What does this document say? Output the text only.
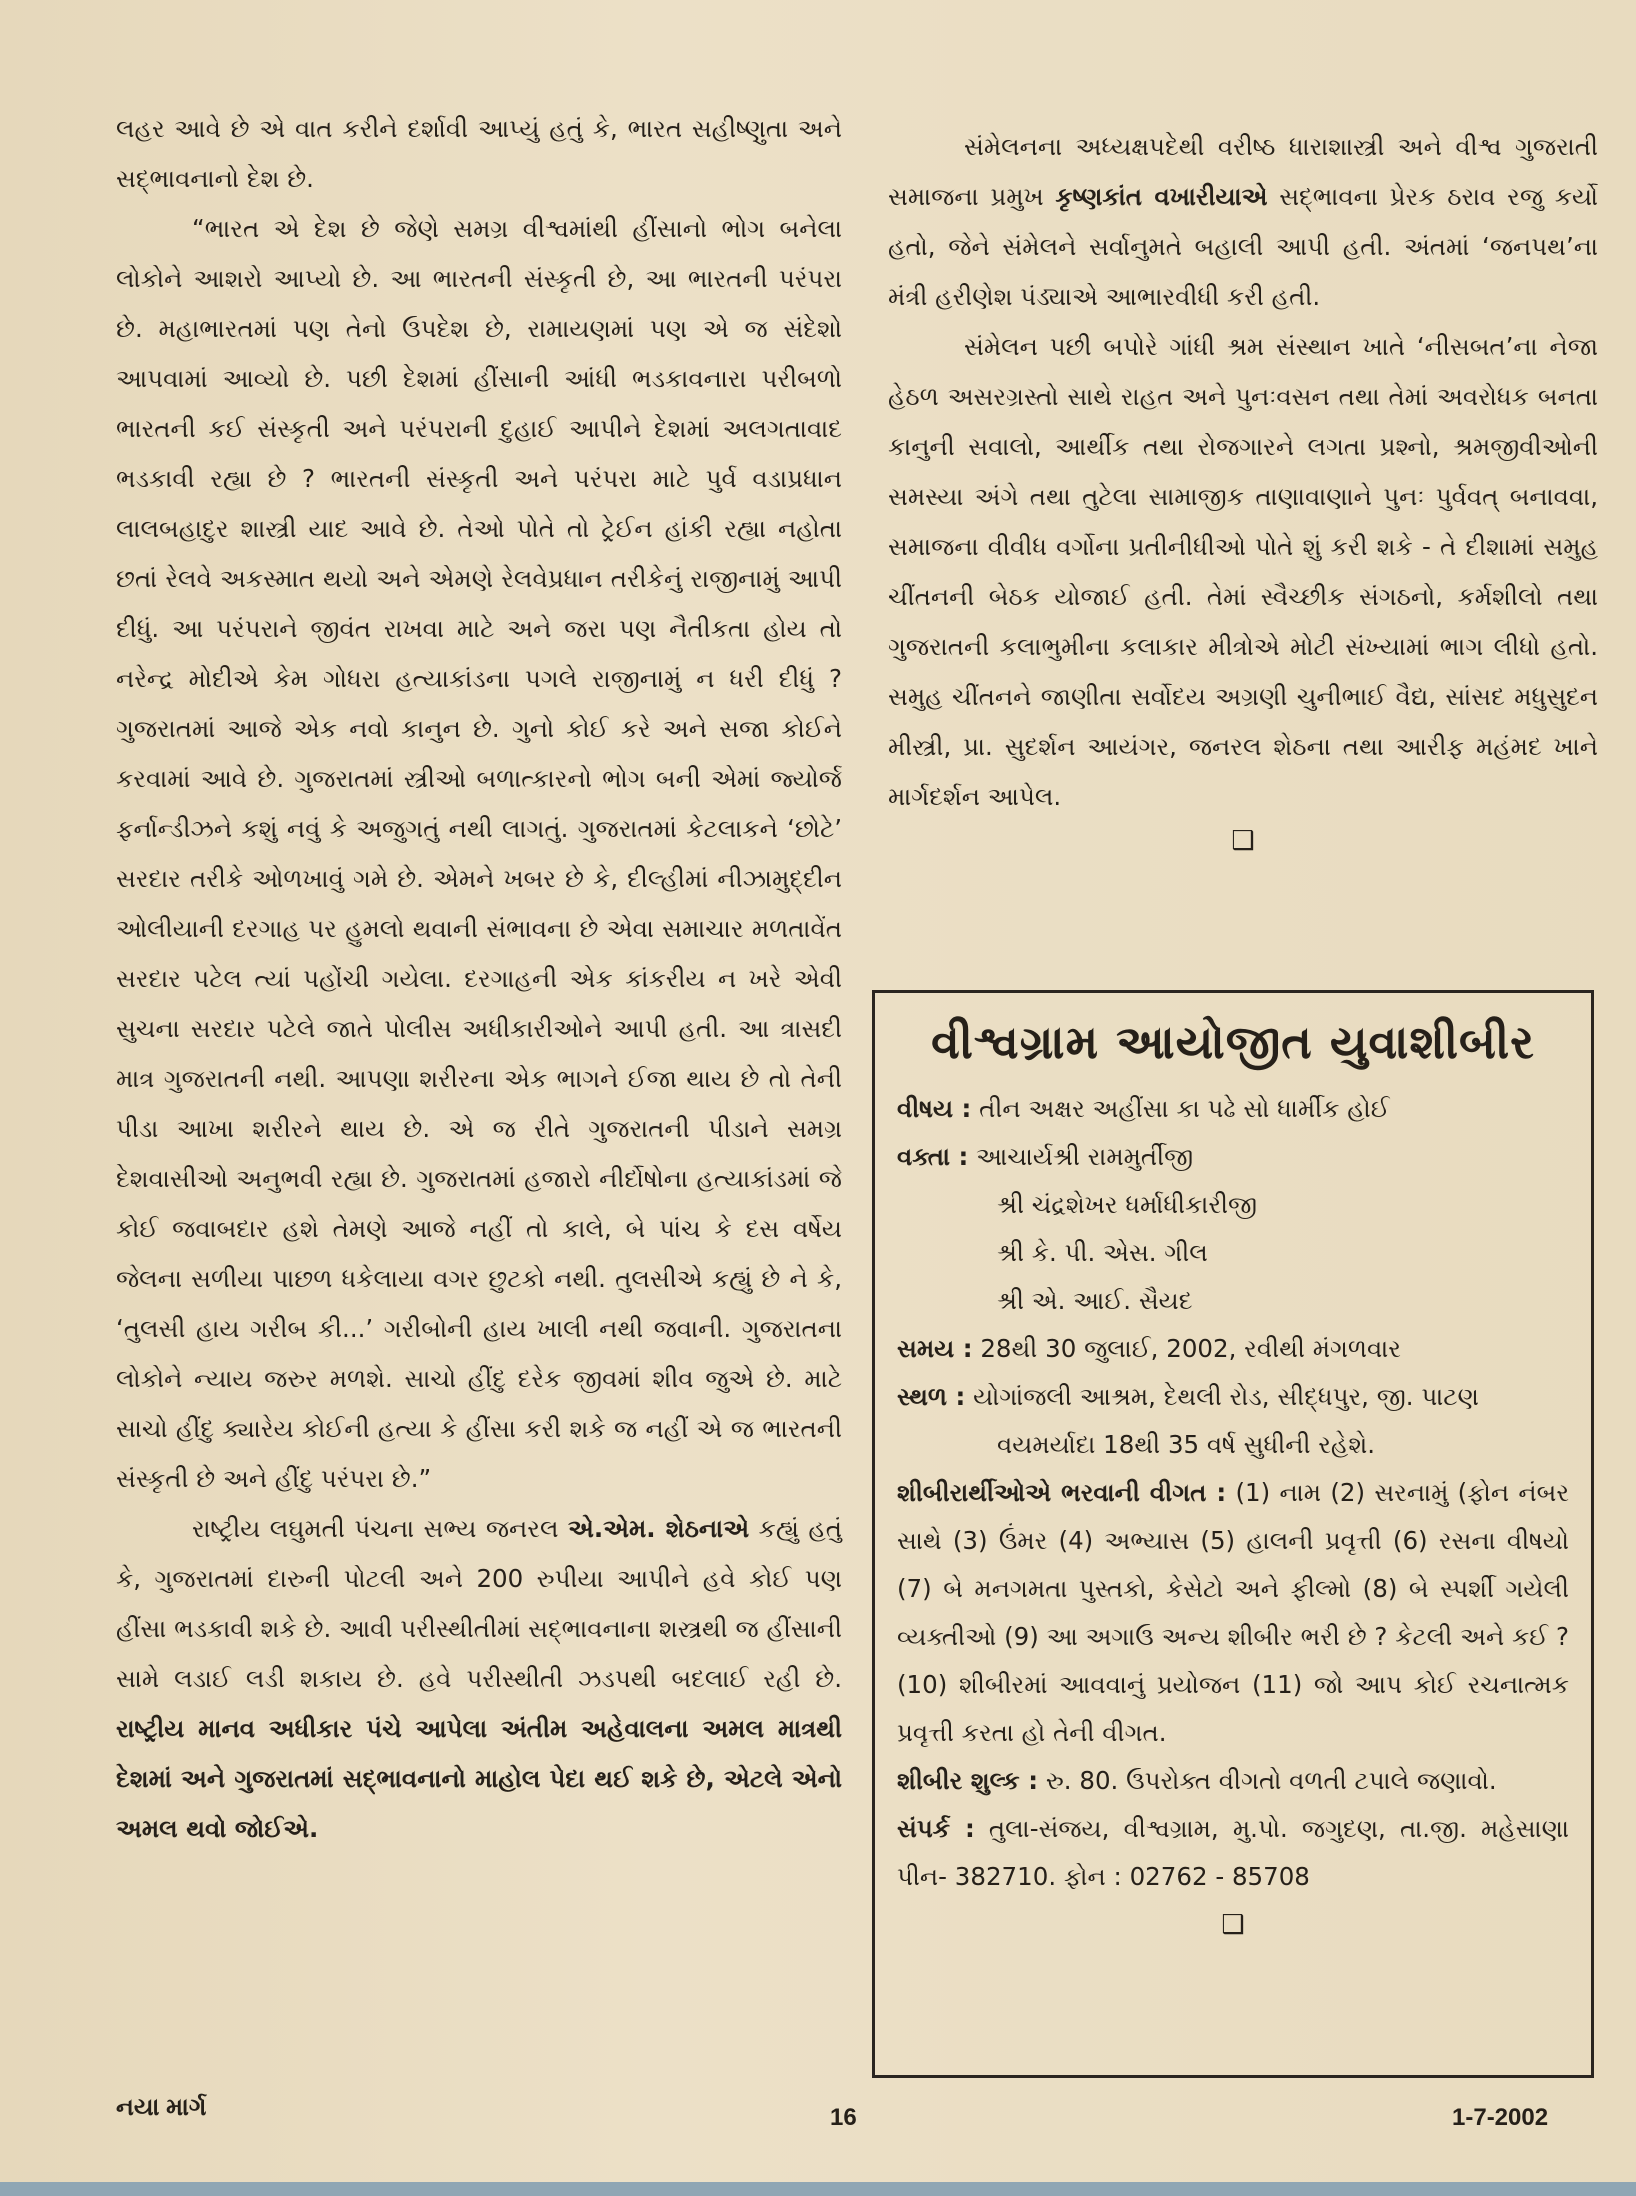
લહર આવે છે એ વાત કરીને દર્શાવી આપ્યું હતું કે, ભારત સહીષ્ણુતા અને સદ્‌ભાવનાનો દેશ છે.

“ભારત એ દેશ છે જેણે સમગ્ર વીશ્વમાંથી હીંસાનો ભોગ બનેલા લોકોને આશરો આપ્યો છે. આ ભારતની સંસ્કૃતી છે, આ ભારતની પરંપરા છે. મહાભારતમાં પણ તેનો ઉપદેશ છે, રામાયણમાં પણ એ જ સંદેશો આપવામાં આવ્યો છે. પછી દેશમાં હીંસાની આંધી ભડકાવનારા પરીબળો ભારતની કઈ સંસ્કૃતી અને પરંપરાની દુહાઈ આપીને દેશમાં અલગતાવાદ ભડકાવી રહ્યા છે ? ભારતની સંસ્કૃતી અને પરંપરા માટે પુર્વ વડાપ્રધાન લાલબહાદુર શાસ્ત્રી યાદ આવે છે. તેઓ પોતે તો ટ્રેઈન હાંકી રહ્યા નહોતા છતાં રેલવે અકસ્માત થયો અને એમણે રેલવેપ્રધાન તરીકેનું રાજીનામું આપી દીધું. આ પરંપરાને જીવંત રાખવા માટે અને જરા પણ નૈતીકતા હોય તો નરેન્દ્ર મોદીએ કેમ ગોધરા હત્યાકાંડના પગલે રાજીનામું ન ધરી દીધું ? ગુજરાતમાં આજે એક નવો કાનુન છે. ગુનો કોઈ કરે અને સજા કોઈને કરવામાં આવે છે. ગુજરાતમાં સ્ત્રીઓ બળાત્કારનો ભોગ બની એમાં જ્યોર્જ ફર્નાન્ડીઝને કશું નવું કે અજુગતું નથી લાગતું. ગુજરાતમાં કેટલાકને ‘છોટે’ સરદાર તરીકે ઓળખાવું ગમે છે. એમને ખબર છે કે, દીલ્હીમાં નીઝામુદ્દીન ઓલીયાની દરગાહ પર હુમલો થવાની સંભાવના છે એવા સમાચાર મળતાવેંત સરદાર પટેલ ત્યાં પહોંચી ગયેલા. દરગાહની એક કાંકરીય ન ખરે એવી સુચના સરદાર પટેલે જાતે પોલીસ અધીકારીઓને આપી હતી. આ ત્રાસદી માત્ર ગુજરાતની નથી. આપણા શરીરના એક ભાગને ઈજા થાય છે તો તેની પીડા આખા શરીરને થાય છે. એ જ રીતે ગુજરાતની પીડાને સમગ્ર દેશવાસીઓ અનુભવી રહ્યા છે. ગુજરાતમાં હજારો નીર્દોષોના હત્યાકાંડમાં જે કોઈ જવાબદાર હશે તેમણે આજે નહીં તો કાલે, બે પાંચ કે દસ વર્ષેય જેલના સળીયા પાછળ ધકેલાયા વગર છુટકો નથી. તુલસીએ કહ્યું છે ને કે, ‘તુલસી હાય ગરીબ કી...’ ગરીબોની હાય ખાલી નથી જવાની. ગુજરાતના લોકોને ન્યાય જરુર મળશે. સાચો હીંદુ દરેક જીવમાં શીવ જુએ છે. માટે સાચો હીંદુ ક્યારેય કોઈની હત્યા કે હીંસા કરી શકે જ નહીં એ જ ભારતની સંસ્કૃતી છે અને હીંદુ પરંપરા છે.”

રાષ્ટ્રીય લઘુમતી પંચના સભ્ય જનરલ એ.એમ. શેઠનાએ કહ્યું હતું કે, ગુજરાતમાં દારુની પોટલી અને 200 રુપીયા આપીને હવે કોઈ પણ હીંસા ભડકાવી શકે છે. આવી પરીસ્થીતીમાં સદ્‌ભાવનાના શસ્ત્રથી જ હીંસાની સામે લડાઈ લડી શકાય છે. હવે પરીસ્થીતી ઝડપથી બદલાઈ રહી છે. રાષ્ટ્રીય માનવ અધીકાર પંચે આપેલા અંતીમ અહેવાલના અમલ માત્રથી દેશમાં અને ગુજરાતમાં સદ્‌ભાવનાનો માહોલ પેદા થઈ શકે છે, એટલે એનો અમલ થવો જોઈએ.

સંમેલનના અધ્યક્ષપદેથી વરીષ્ઠ ધારાશાસ્ત્રી અને વીશ્વ ગુજરાતી સમાજના પ્રમુખ કૃષ્ણકાંત વખારીયાએ સદ્‌ભાવના પ્રેરક ઠરાવ રજુ કર્યો હતો, જેને સંમેલને સર્વાનુમતે બહાલી આપી હતી. અંતમાં ‘જનપથ’ના મંત્રી હરીણેશ પંડ્યાએ આભારવીધી કરી હતી.

સંમેલન પછી બપોરે ગાંધી શ્રમ સંસ્થાન ખાતે ‘નીસબત’ના નેજા હેઠળ અસરગ્રસ્તો સાથે રાહત અને પુનઃવસન તથા તેમાં અવરોધક બનતા કાનુની સવાલો, આર્થીક તથા રોજગારને લગતા પ્રશ્નો, શ્રમજીવીઓની સમસ્યા અંગે તથા તુટેલા સામાજીક તાણાવાણાને પુનઃ પુર્વવત્ બનાવવા, સમાજના વીવીધ વર્ગોના પ્રતીનીધીઓ પોતે શું કરી શકે - તે દીશામાં સમુહ ચીંતનની બેઠક યોજાઈ હતી. તેમાં સ્વૈચ્છીક સંગઠનો, કર્મશીલો તથા ગુજરાતની કલાભુમીના કલાકાર મીત્રોએ મોટી સંખ્યામાં ભાગ લીધો હતો. સમુહ ચીંતનને જાણીતા સર્વોદય અગ્રણી ચુનીભાઈ વૈદ્ય, સાંસદ મધુસુદન મીસ્ત્રી, પ્રા. સુદર્શન આયંગર, જનરલ શેઠના તથા આરીફ મહંમદ ખાને માર્ગદર્શન આપેલ.

❑
વીશ્વગ્રામ આયોજીત યુવાશીબીર

વીષય : તીન અક્ષર અહીંસા કા પઢે સો ધાર્મીક હોઈ

વક્તા : આચાર્યશ્રી રામમુર્તીજી

શ્રી ચંદ્રશેખર ધર્માધીકારીજી

શ્રી કે. પી. એસ. ગીલ

શ્રી એ. આઈ. સૈયદ

સમય : 28થી 30 જુલાઈ, 2002, રવીથી મંગળવાર

સ્થળ : યોગાંજલી આશ્રમ, દેથલી રોડ, સીદ્ધપુર, જી. પાટણ

વયમર્યાદા 18થી 35 વર્ષ સુધીની રહેશે.

શીબીરાર્થીઓએ ભરવાની વીગત : (1) નામ (2) સરનામું (ફોન નંબર સાથે (3) ઉંમર (4) અભ્યાસ (5) હાલની પ્રવૃત્તી (6) રસના વીષયો (7) બે મનગમતા પુસ્તકો, કેસેટો અને ફીલ્મો (8) બે સ્પર્શી ગયેલી વ્યક્તીઓ (9) આ અગાઉ અન્ય શીબીર ભરી છે ? કેટલી અને કઈ ? (10) શીબીરમાં આવવાનું પ્રયોજન (11) જો આપ કોઈ રચનાત્મક પ્રવૃત્તી કરતા હો તેની વીગત.

શીબીર શુલ્ક : રુ. 80. ઉપરોક્ત વીગતો વળતી ટપાલે જણાવો.

સંપર્ક : તુલા-સંજય, વીશ્વગ્રામ, મુ.પો. જગુદણ, તા.જી. મહેસાણા પીન- 382710. ફોન : 02762 - 85708

❑
નયા માર્ગ	16	1-7-2002
